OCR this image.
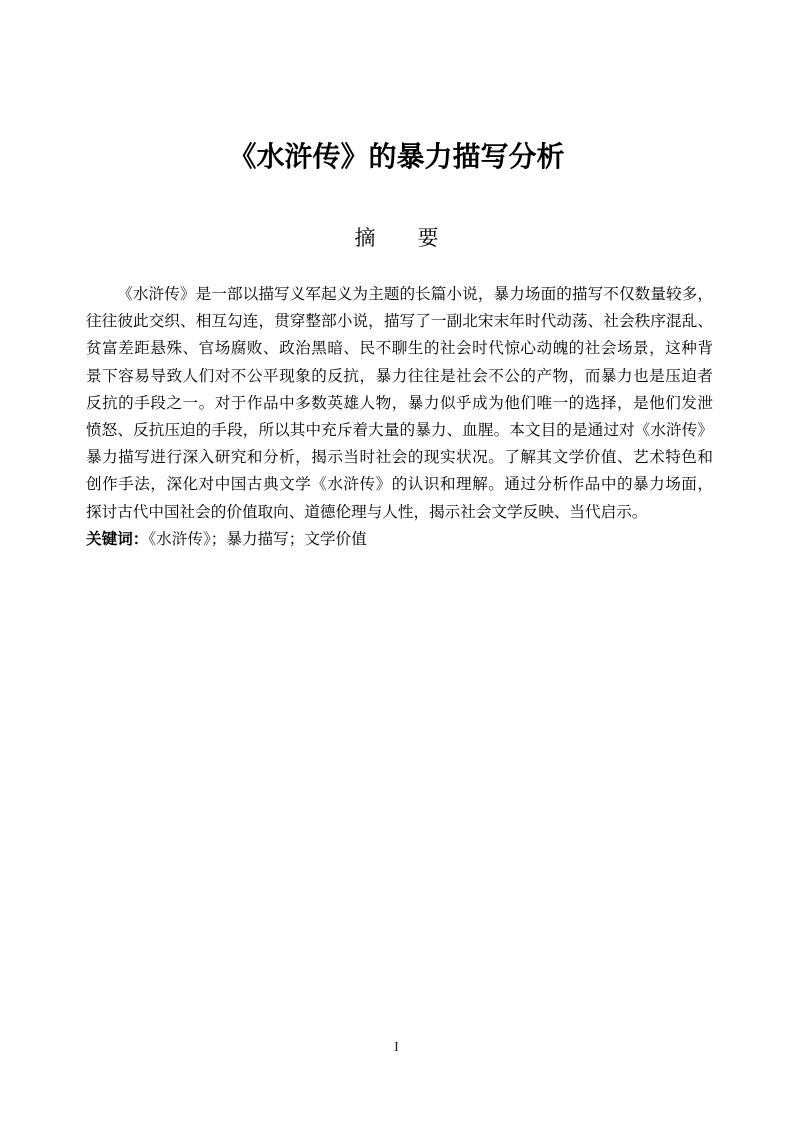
《水浒传》的暴力描写分析
摘　　要
《水浒传》是一部以描写义军起义为主题的长篇小说，暴力场面的描写不仅数量较多，
往往彼此交织、相互勾连，贯穿整部小说，描写了一副北宋末年时代动荡、社会秩序混乱、
贫富差距悬殊、官场腐败、政治黑暗、民不聊生的社会时代惊心动魄的社会场景，这种背
景下容易导致人们对不公平现象的反抗，暴力往往是社会不公的产物，而暴力也是压迫者
反抗的手段之一。对于作品中多数英雄人物，暴力似乎成为他们唯一的选择，是他们发泄
愤怒、反抗压迫的手段，所以其中充斥着大量的暴力、血腥。本文目的是通过对《水浒传》
暴力描写进行深入研究和分析，揭示当时社会的现实状况。了解其文学价值、艺术特色和
创作手法，深化对中国古典文学《水浒传》的认识和理解。通过分析作品中的暴力场面，
探讨古代中国社会的价值取向、道德伦理与人性，揭示社会文学反映、当代启示。
关键词：《水浒传》；暴力描写；文学价值
I
